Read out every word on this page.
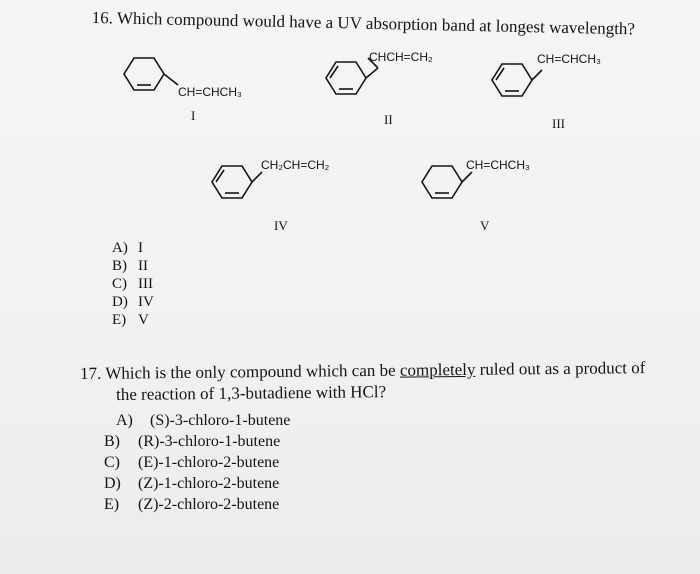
16. Which compound would have a UV absorption band at longest wavelength?
CH=CHCH₃
I
CHCH=CH₂
II
CH=CHCH₃
III
CH₂CH=CH₂
IV
CH=CHCH₃
V
A) I
B) II
C) III
D) IV
E) V
17. Which is the only compound which can be completely ruled out as a product of
the reaction of 1,3-butadiene with HCl?
A) (S)-3-chloro-1-butene
B) (R)-3-chloro-1-butene
C) (E)-1-chloro-2-butene
D) (Z)-1-chloro-2-butene
E) (Z)-2-chloro-2-butene
